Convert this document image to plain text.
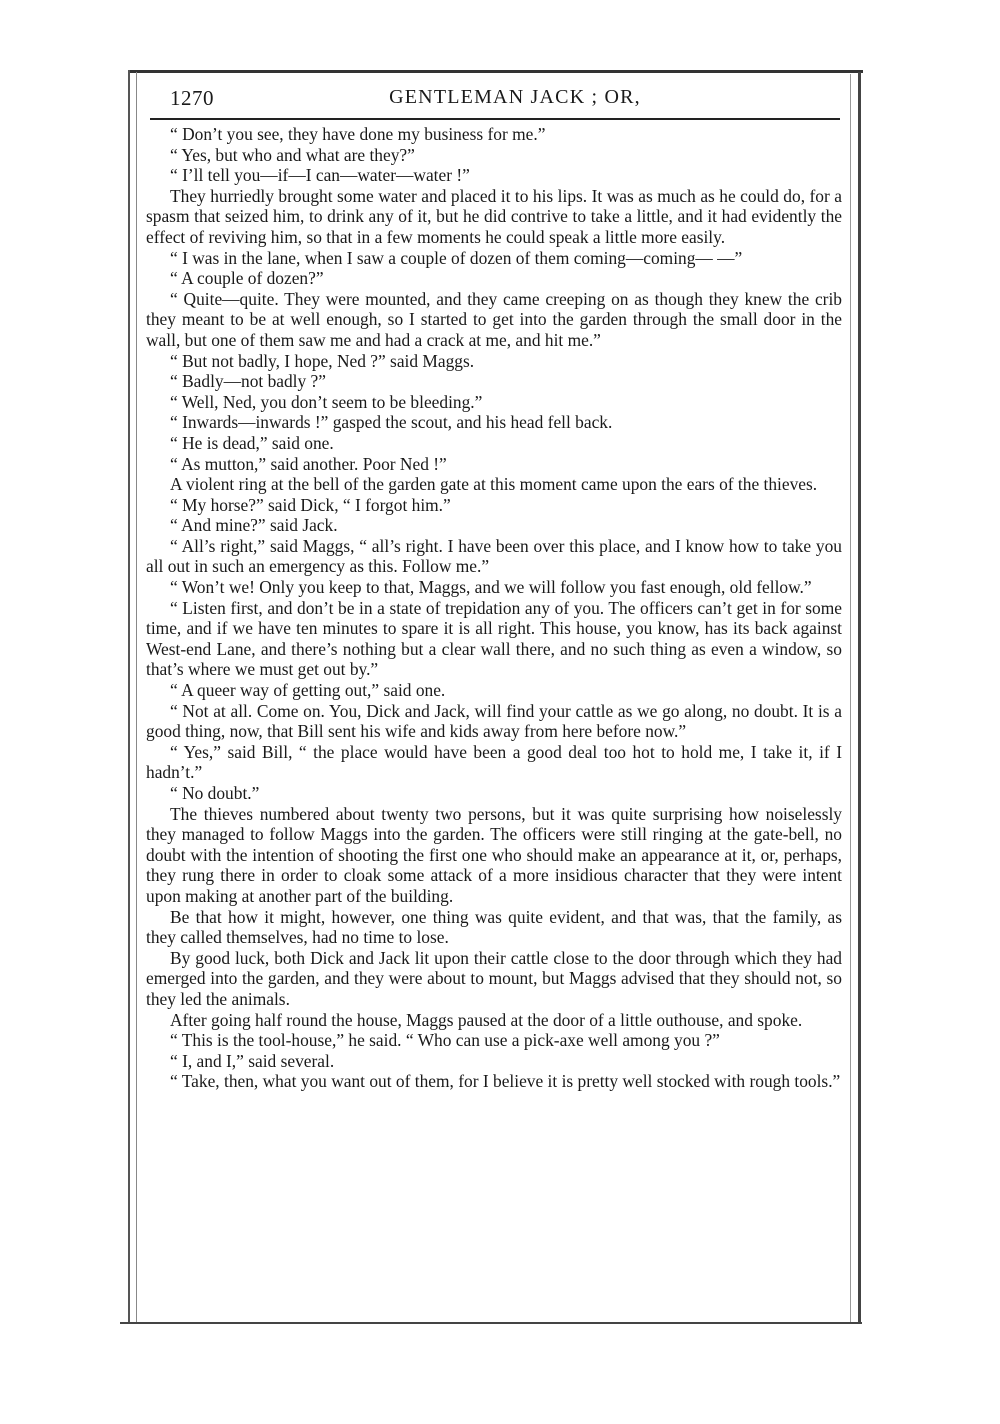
1270	GENTLEMAN JACK ; OR,

“ Don’t you see, they have done my business for me.”

“ Yes, but who and what are they?”

“ I’ll tell you—if—I can—water—water !”

They hurriedly brought some water and placed it to his lips. It was as much as he could do, for a spasm that seized him, to drink any of it, but he did contrive to take a little, and it had evidently the effect of reviving him, so that in a few moments he could speak a little more easily.

“ I was in the lane, when I saw a couple of dozen of them coming—coming— —”

“ A couple of dozen?”

“ Quite—quite. They were mounted, and they came creeping on as though they knew the crib they meant to be at well enough, so I started to get into the garden through the small door in the wall, but one of them saw me and had a crack at me, and hit me.”

“ But not badly, I hope, Ned ?” said Maggs.

“ Badly—not badly ?”

“ Well, Ned, you don’t seem to be bleeding.”

“ Inwards—inwards !” gasped the scout, and his head fell back.

“ He is dead,” said one.

“ As mutton,” said another. Poor Ned !”

A violent ring at the bell of the garden gate at this moment came upon the ears of the thieves.

“ My horse?” said Dick, “ I forgot him.”

“ And mine?” said Jack.

“ All’s right,” said Maggs, “ all’s right. I have been over this place, and I know how to take you all out in such an emergency as this. Follow me.”

“ Won’t we! Only you keep to that, Maggs, and we will follow you fast enough, old fellow.”

“ Listen first, and don’t be in a state of trepidation any of you. The officers can’t get in for some time, and if we have ten minutes to spare it is all right. This house, you know, has its back against West-end Lane, and there’s nothing but a clear wall there, and no such thing as even a window, so that’s where we must get out by.”

“ A queer way of getting out,” said one.

“ Not at all. Come on. You, Dick and Jack, will find your cattle as we go along, no doubt. It is a good thing, now, that Bill sent his wife and kids away from here before now.”

“ Yes,” said Bill, “ the place would have been a good deal too hot to hold me, I take it, if I hadn’t.”

“ No doubt.”

The thieves numbered about twenty two persons, but it was quite surprising how noiselessly they managed to follow Maggs into the garden. The officers were still ringing at the gate-bell, no doubt with the intention of shooting the first one who should make an appearance at it, or, perhaps, they rung there in order to cloak some attack of a more insidious character that they were intent upon making at another part of the building.

Be that how it might, however, one thing was quite evident, and that was, that the family, as they called themselves, had no time to lose.

By good luck, both Dick and Jack lit upon their cattle close to the door through which they had emerged into the garden, and they were about to mount, but Maggs advised that they should not, so they led the animals.

After going half round the house, Maggs paused at the door of a little outhouse, and spoke.

“ This is the tool-house,” he said. “ Who can use a pick-axe well among you ?”

“ I, and I,” said several.

“ Take, then, what you want out of them, for I believe it is pretty well stocked with rough tools.”
